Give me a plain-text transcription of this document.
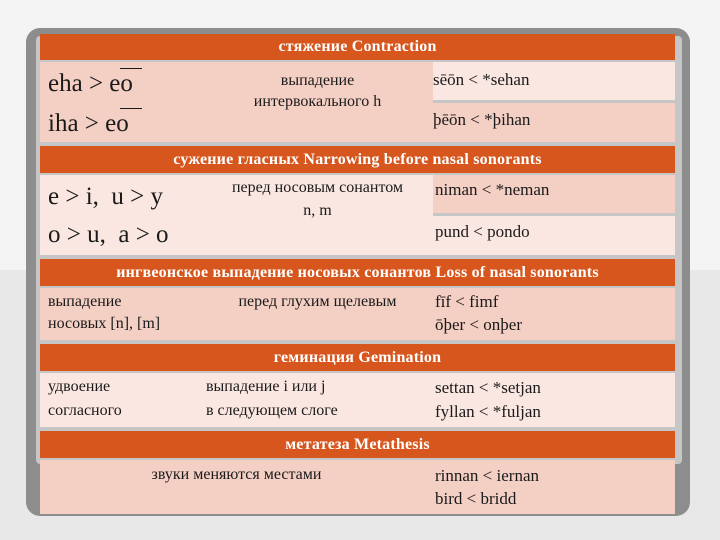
стяжение Contraction
eha > eo
iha > eo
выпадение
интервокального h
sēōn < *sehan
þēōn < *þihan
сужение гласных Narrowing before nasal sonorants
e > i,  u > y
o > u,  a > o
перед носовым сонантом
n, m
niman < *neman
pund < pondo
ингвеонское выпадение носовых сонантов Loss of nasal sonorants
выпадение
носовых [n], [m]
перед глухим щелевым	fīf < fimf
ōþer < onþer
геминация Gemination
удвоение
согласного
выпадение i или j
в следующем слоге
settan < *setjan
fyllan < *fuljan
метатеза Metathesis
звуки меняются местами	rinnan < iernan
bird < bridd
